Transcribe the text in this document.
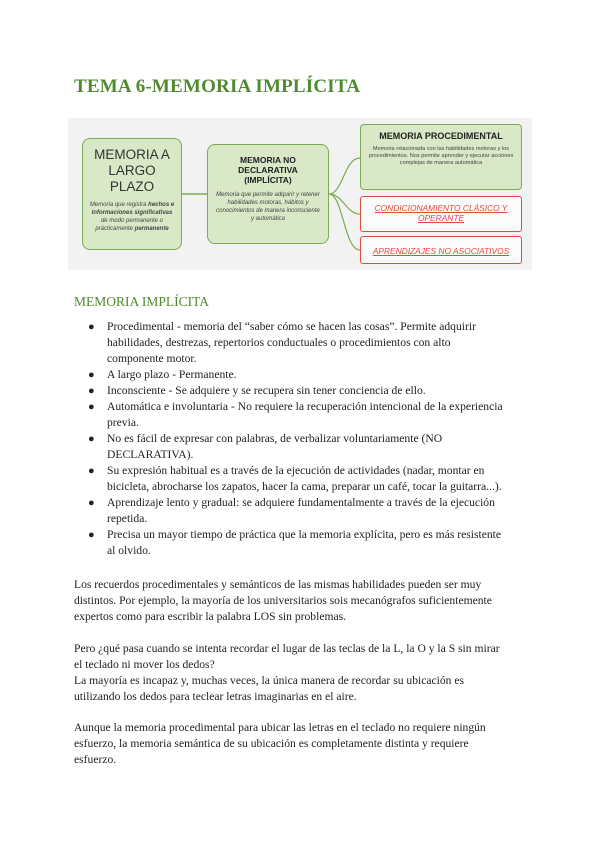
TEMA 6-MEMORIA IMPLÍCITA
MEMORIA A LARGO PLAZO
Memoria que registra hechos e informaciones significativas de modo permanente o prácticamente permanente
MEMORIA NO DECLARATIVA (IMPLÍCITA)
Memoria que permite adquirir y retener habilidades motoras, hábitos y conocimientos de manera inconsciente y automática
MEMORIA PROCEDIMENTAL
Memoria relacionada con las habilidades motoras y los procedimientos. Nos permite aprender y ejecutar acciones complejas de manera automática
CONDICIONAMIENTO CLÁSICO Y OPERANTE
APRENDIZAJES NO ASOCIATIVOS
MEMORIA IMPLÍCITA
● Procedimental - memoria del “saber cómo se hacen las cosas”. Permite adquirir
habilidades, destrezas, repertorios conductuales o procedimientos con alto
componente motor.
● A largo plazo - Permanente.
● Inconsciente - Se adquiere y se recupera sin tener conciencia de ello.
● Automática e involuntaria - No requiere la recuperación intencional de la experiencia
previa.
● No es fácil de expresar con palabras, de verbalizar voluntariamente (NO
DECLARATIVA).
● Su expresión habitual es a través de la ejecución de actividades (nadar, montar en
bicicleta, abrocharse los zapatos, hacer la cama, preparar un café, tocar la guitarra...).
● Aprendizaje lento y gradual: se adquiere fundamentalmente a través de la ejecución
repetida.
● Precisa un mayor tiempo de práctica que la memoria explícita, pero es más resistente
al olvido.
Los recuerdos procedimentales y semánticos de las mismas habilidades pueden ser muy
distintos. Por ejemplo, la mayoría de los universitarios sois mecanógrafos suficientemente
expertos como para escribir la palabra LOS sin problemas.
Pero ¿qué pasa cuando se intenta recordar el lugar de las teclas de la L, la O y la S sin mirar
el teclado ni mover los dedos?
La mayoría es incapaz y, muchas veces, la única manera de recordar su ubicación es
utilizando los dedos para teclear letras imaginarias en el aire.
Aunque la memoria procedimental para ubicar las letras en el teclado no requiere ningún
esfuerzo, la memoria semántica de su ubicación es completamente distinta y requiere
esfuerzo.
